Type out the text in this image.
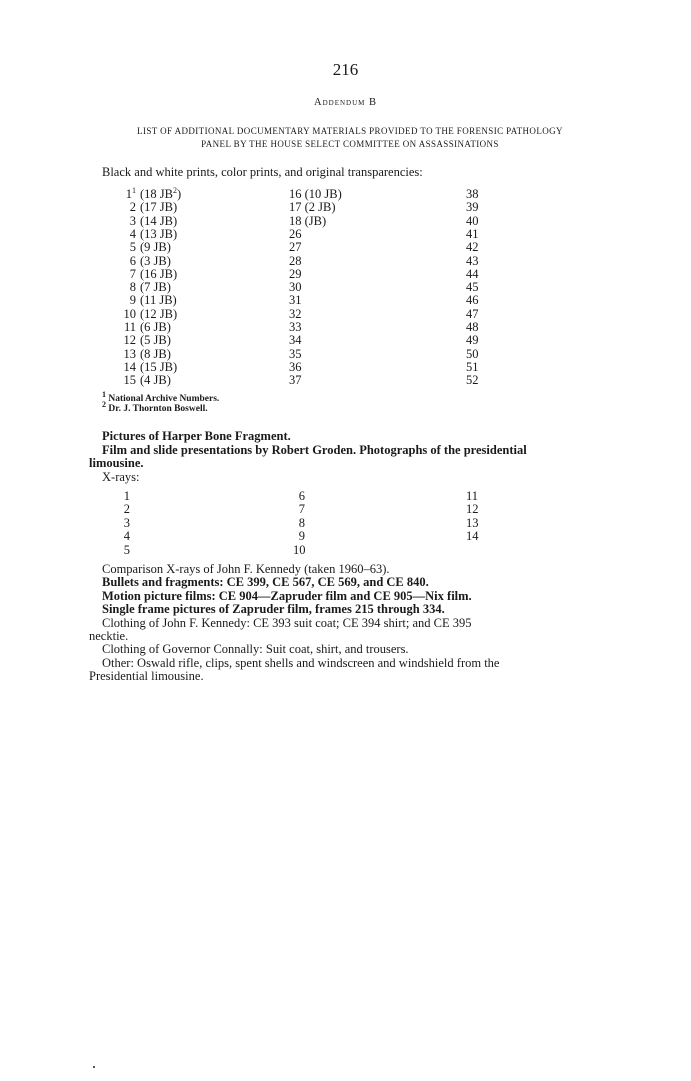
216
Addendum B
LIST OF ADDITIONAL DOCUMENTARY MATERIALS PROVIDED TO THE FORENSIC PATHOLOGY
PANEL BY THE HOUSE SELECT COMMITTEE ON ASSASSINATIONS
Black and white prints, color prints, and original transparencies:
$1^1$ (18 $JB^2$)
2 (17 JB)
3 (14 JB)
4 (13 JB)
5 (9 JB)
6 (3 JB)
7 (16 JB)
8 (7 JB)
9 (11 JB)
10 (12 JB)
11 (6 JB)
12 (5 JB)
13 (8 JB)
14 (15 JB)
15 (4 JB)
16 (10 JB)
17 (2 JB)
18 (JB)
26
27
28
29
30
31
32
33
34
35
36
37
38
39
40
41
42
43
44
45
46
47
48
49
50
51
52
$^1$ National Archive Numbers.
$^2$ Dr. J. Thornton Boswell.
Pictures of Harper Bone Fragment.
Film and slide presentations by Robert Groden. Photographs of the presidential
limousine.
X-rays:
1
2
3
4
5
6
7
8
9
10
11
12
13
14
Comparison X-rays of John F. Kennedy (taken 1960–63).
Bullets and fragments: CE 399, CE 567, CE 569, and CE 840.
Motion picture films: CE 904—Zapruder film and CE 905—Nix film.
Single frame pictures of Zapruder film, frames 215 through 334.
Clothing of John F. Kennedy: CE 393 suit coat; CE 394 shirt; and CE 395
necktie.
Clothing of Governor Connally: Suit coat, shirt, and trousers.
Other: Oswald rifle, clips, spent shells and windscreen and windshield from the
Presidential limousine.
